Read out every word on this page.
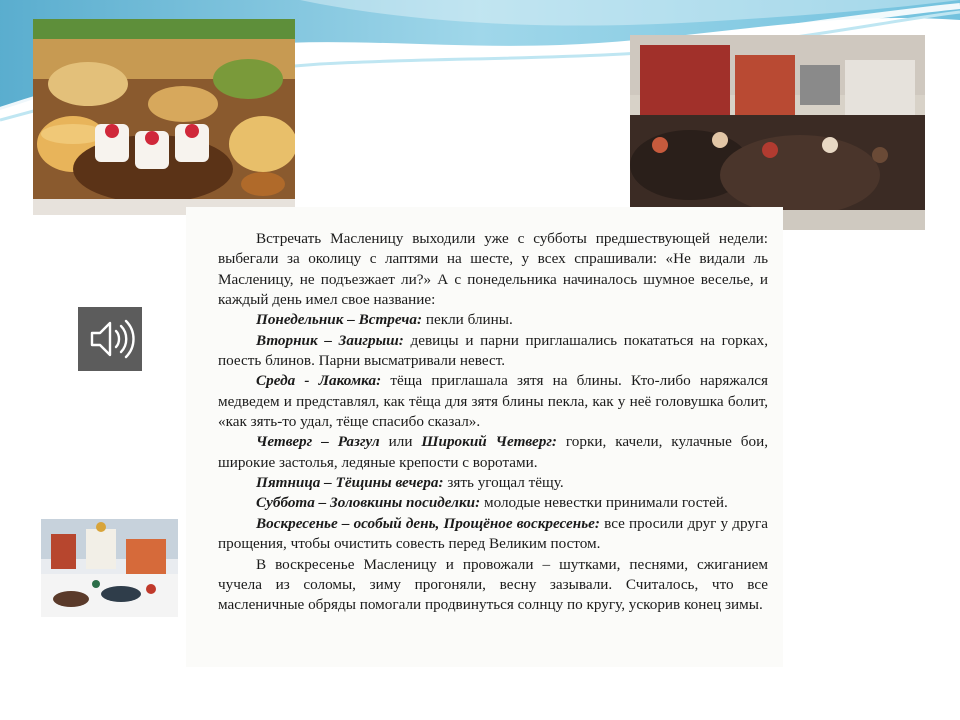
Встречать Масленицу выходили уже с субботы предшествующей недели: выбегали за околицу с лаптями на шесте, у всех спрашивали: «Не видали ль Масленицу, не подъезжает ли?» А с понедельника начиналось шумное веселье, и каждый день имел свое название:

Понедельник – Встреча: пекли блины.

Вторник – Заигрыш: девицы и парни приглашались покататься на горках, поесть блинов. Парни высматривали невест.

Среда - Лакомка: тёща приглашала зятя на блины. Кто-либо наряжался медведем и представлял, как тёща для зятя блины пекла, как у неё головушка болит, «как зять-то удал, тёще спасибо сказал».

Четверг – Разгул или Широкий Четверг: горки, качели, кулачные бои, широкие застолья, ледяные крепости с воротами.

Пятница – Тёщины вечера: зять угощал тёщу.

Суббота – Золовкины посиделки: молодые невестки принимали гостей.

Воскресенье – особый день, Прощёное воскресенье: все просили друг у друга прощения, чтобы очистить совесть перед Великим постом.

В воскресенье Масленицу и провожали – шутками, песнями, сжиганием чучела из соломы, зиму прогоняли, весну зазывали. Считалось, что все масленичные обряды помогали продвинуться солнцу по кругу, ускорив конец зимы.
